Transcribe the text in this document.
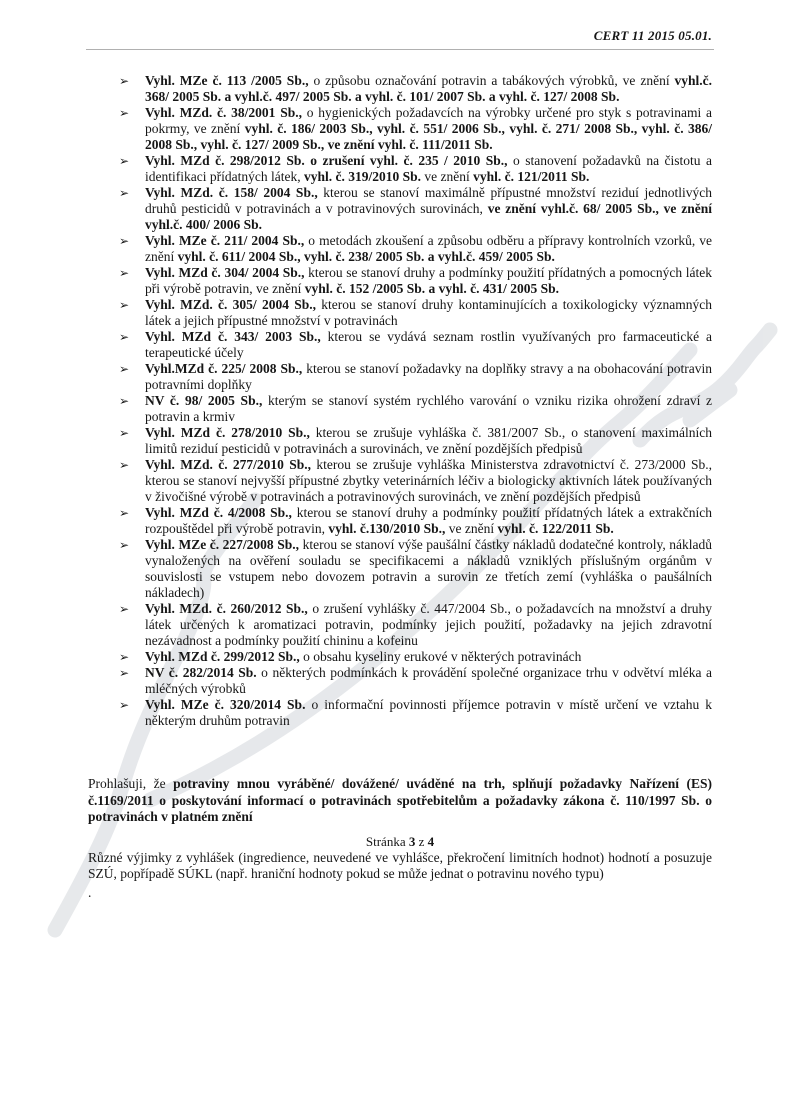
CERT 11 2015 05.01.
➢ Vyhl. MZe č. 113 /2005 Sb., o způsobu označování potravin a tabákových výrobků, ve znění vyhl.č. 368/ 2005 Sb. a vyhl.č. 497/ 2005 Sb. a vyhl. č. 101/ 2007 Sb. a vyhl. č. 127/ 2008 Sb.
➢ Vyhl. MZd. č. 38/2001 Sb., o hygienických požadavcích na výrobky určené pro styk s potravinami a pokrmy, ve znění vyhl. č. 186/ 2003 Sb., vyhl. č. 551/ 2006 Sb., vyhl. č. 271/ 2008 Sb., vyhl. č. 386/ 2008 Sb., vyhl. č. 127/ 2009 Sb., ve znění vyhl. č. 111/2011 Sb.
➢ Vyhl. MZd č. 298/2012 Sb. o zrušení vyhl. č. 235 / 2010 Sb., o stanovení požadavků na čistotu a identifikaci přídatných látek, vyhl. č. 319/2010 Sb. ve znění vyhl. č. 121/2011 Sb.
➢ Vyhl. MZd. č. 158/ 2004 Sb., kterou se stanoví maximálně přípustné množství reziduí jednotlivých druhů pesticidů v potravinách a v potravinových surovinách, ve znění vyhl.č. 68/ 2005 Sb., ve znění vyhl.č. 400/ 2006 Sb.
➢ Vyhl. MZe č. 211/ 2004 Sb., o metodách zkoušení a způsobu odběru a přípravy kontrolních vzorků, ve znění vyhl. č. 611/ 2004 Sb., vyhl. č. 238/ 2005 Sb. a vyhl.č. 459/ 2005 Sb.
➢ Vyhl. MZd č. 304/ 2004 Sb., kterou se stanoví druhy a podmínky použití přídatných a pomocných látek při výrobě potravin, ve znění vyhl. č. 152 /2005 Sb. a vyhl. č. 431/ 2005 Sb.
➢ Vyhl. MZd. č. 305/ 2004 Sb., kterou se stanoví druhy kontaminujících a toxikologicky významných látek a jejich přípustné množství v potravinách
➢ Vyhl. MZd č. 343/ 2003 Sb., kterou se vydává seznam rostlin využívaných pro farmaceutické a terapeutické účely
➢ Vyhl.MZd č. 225/ 2008 Sb., kterou se stanoví požadavky na doplňky stravy a na obohacování potravin potravními doplňky
➢ NV č. 98/ 2005 Sb., kterým se stanoví systém rychlého varování o vzniku rizika ohrožení zdraví z potravin a krmiv
➢ Vyhl. MZd č. 278/2010 Sb., kterou se zrušuje vyhláška č. 381/2007 Sb., o stanovení maximálních limitů reziduí pesticidů v potravinách a surovinách, ve znění pozdějších předpisů
➢ Vyhl. MZd. č. 277/2010 Sb., kterou se zrušuje vyhláška Ministerstva zdravotnictví č. 273/2000 Sb., kterou se stanoví nejvyšší přípustné zbytky veterinárních léčiv a biologicky aktivních látek používaných v živočišné výrobě v potravinách a potravinových surovinách, ve znění pozdějších předpisů
➢ Vyhl. MZd č. 4/2008 Sb., kterou se stanoví druhy a podmínky použití přídatných látek a extrakčních rozpouštědel při výrobě potravin, vyhl. č.130/2010 Sb., ve znění vyhl. č. 122/2011 Sb.
➢ Vyhl. MZe č. 227/2008 Sb., kterou se stanoví výše paušální částky nákladů dodatečné kontroly, nákladů vynaložených na ověření souladu se specifikacemi a nákladů vzniklých příslušným orgánům v souvislosti se vstupem nebo dovozem potravin a surovin ze třetích zemí (vyhláška o paušálních nákladech)
➢ Vyhl. MZd. č. 260/2012 Sb., o zrušení vyhlášky č. 447/2004 Sb., o požadavcích na množství a druhy látek určených k aromatizaci potravin, podmínky jejich použití, požadavky na jejich zdravotní nezávadnost a podmínky použití chininu a kofeinu
➢ Vyhl. MZd č. 299/2012 Sb., o obsahu kyseliny erukové v některých potravinách
➢ NV č. 282/2014 Sb. o některých podmínkách k provádění společné organizace trhu v odvětví mléka a mléčných výrobků
➢ Vyhl. MZe č. 320/2014 Sb. o informační povinnosti příjemce potravin v místě určení ve vztahu k některým druhům potravin

Prohlašuji, že potraviny mnou vyráběné/ dovážené/ uváděné na trh, splňují požadavky Nařízení (ES) č.1169/2011 o poskytování informací o potravinách spotřebitelům a požadavky zákona č. 110/1997 Sb. o potravinách v platném znění

Různé výjimky z vyhlášek (ingredience, neuvedené ve vyhlášce, překročení limitních hodnot) hodnotí a posuzuje SZÚ, popřípadě SÚKL (např. hraniční hodnoty pokud se může jednat o potravinu nového typu)

.
Stránka 3 z 4
